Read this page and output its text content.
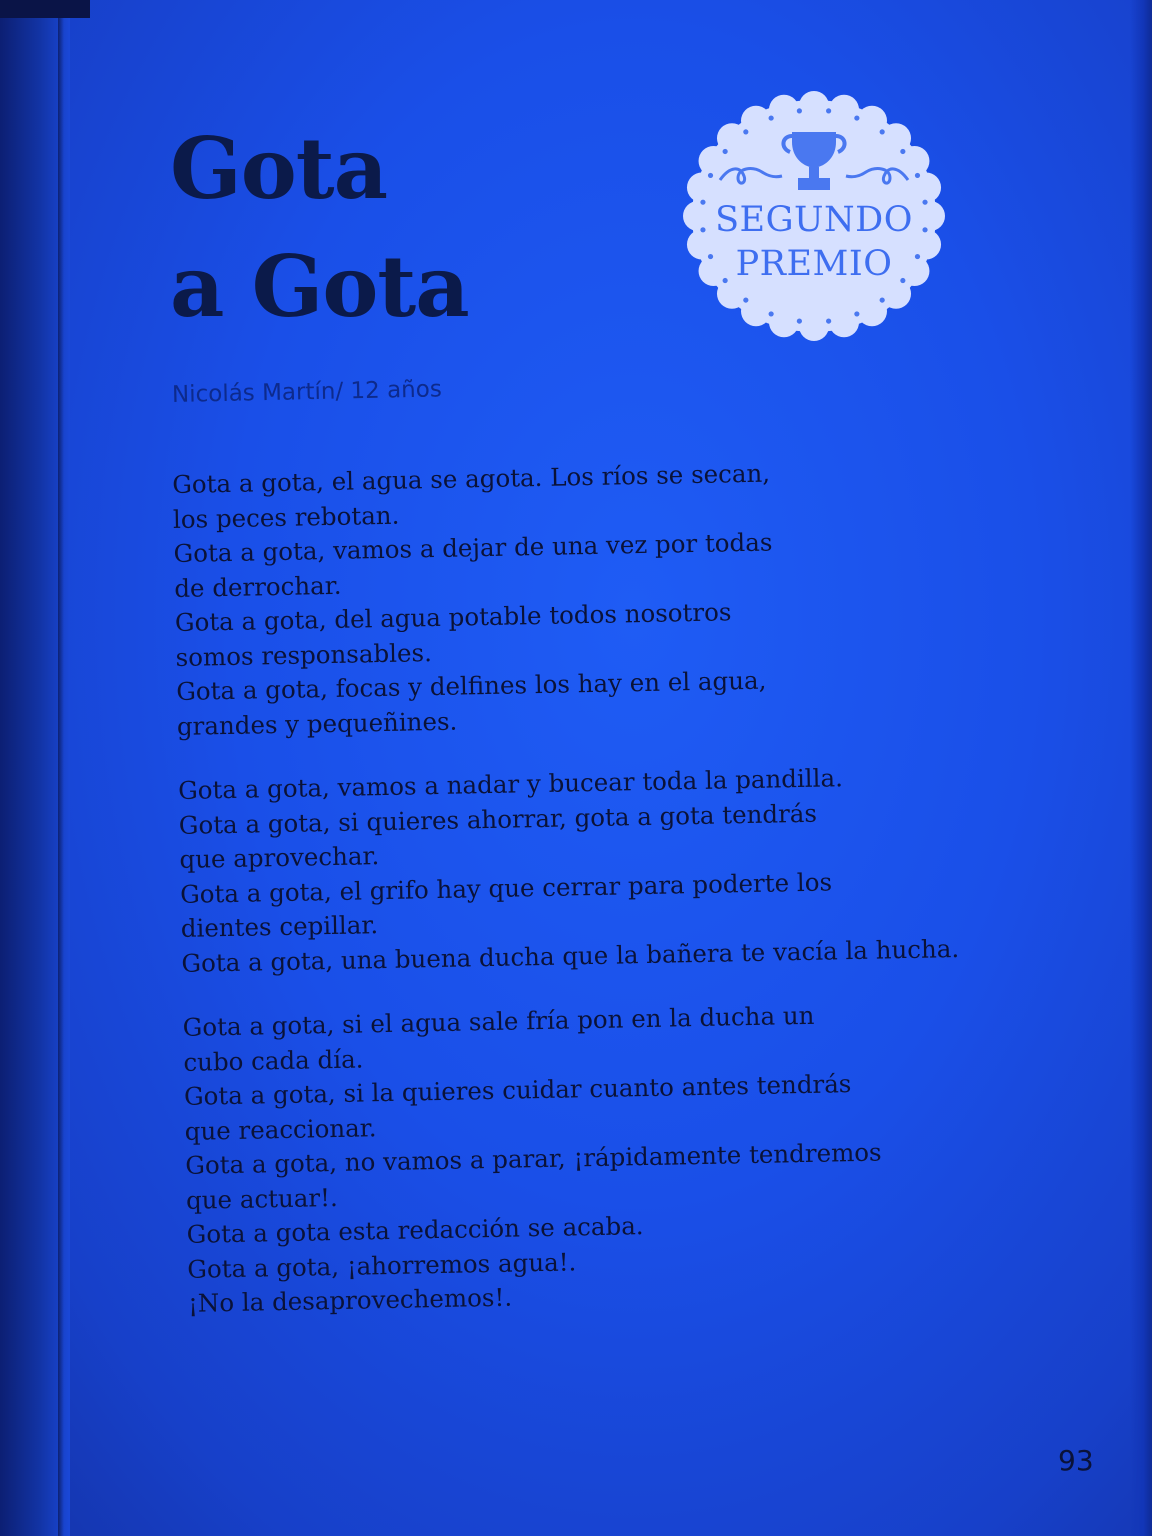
Gota
a Gota
SEGUNDO
PREMIO
Nicolás Martín/ 12 años
Gota a gota, el agua se agota. Los ríos se secan,
los peces rebotan.
Gota a gota, vamos a dejar de una vez por todas
de derrochar.
Gota a gota, del agua potable todos nosotros
somos responsables.
Gota a gota, focas y delfines los hay en el agua,
grandes y pequeñines.
Gota a gota, vamos a nadar y bucear toda la pandilla.
Gota a gota, si quieres ahorrar, gota a gota tendrás
que aprovechar.
Gota a gota, el grifo hay que cerrar para poderte los
dientes cepillar.
Gota a gota, una buena ducha que la bañera te vacía la hucha.
Gota a gota, si el agua sale fría pon en la ducha un
cubo cada día.
Gota a gota, si la quieres cuidar cuanto antes tendrás
que reaccionar.
Gota a gota, no vamos a parar, ¡rápidamente tendremos
que actuar!.
Gota a gota esta redacción se acaba.
Gota a gota, ¡ahorremos agua!.
¡No la desaprovechemos!.
93
